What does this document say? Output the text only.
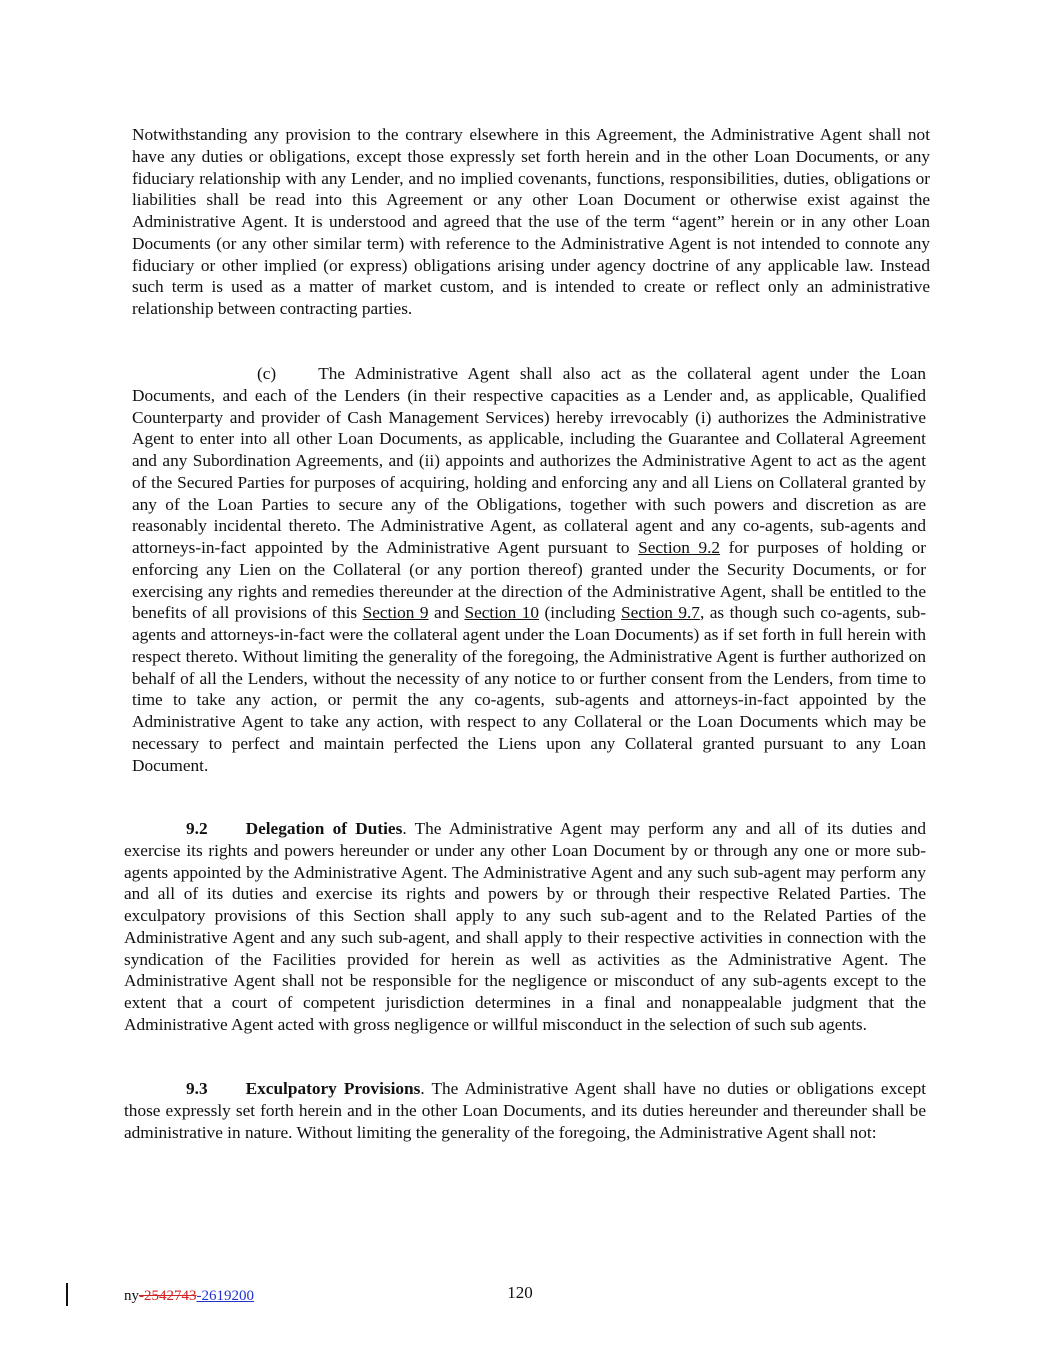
Notwithstanding any provision to the contrary elsewhere in this Agreement, the Administrative Agent shall not have any duties or obligations, except those expressly set forth herein and in the other Loan Documents, or any fiduciary relationship with any Lender, and no implied covenants, functions, responsibilities, duties, obligations or liabilities shall be read into this Agreement or any other Loan Document or otherwise exist against the Administrative Agent. It is understood and agreed that the use of the term “agent” herein or in any other Loan Documents (or any other similar term) with reference to the Administrative Agent is not intended to connote any fiduciary or other implied (or express) obligations arising under agency doctrine of any applicable law. Instead such term is used as a matter of market custom, and is intended to create or reflect only an administrative relationship between contracting parties.

(c) The Administrative Agent shall also act as the collateral agent under the Loan Documents, and each of the Lenders (in their respective capacities as a Lender and, as applicable, Qualified Counterparty and provider of Cash Management Services) hereby irrevocably (i) authorizes the Administrative Agent to enter into all other Loan Documents, as applicable, including the Guarantee and Collateral Agreement and any Subordination Agreements, and (ii) appoints and authorizes the Administrative Agent to act as the agent of the Secured Parties for purposes of acquiring, holding and enforcing any and all Liens on Collateral granted by any of the Loan Parties to secure any of the Obligations, together with such powers and discretion as are reasonably incidental thereto. The Administrative Agent, as collateral agent and any co-agents, sub-agents and attorneys-in-fact appointed by the Administrative Agent pursuant to Section 9.2 for purposes of holding or enforcing any Lien on the Collateral (or any portion thereof) granted under the Security Documents, or for exercising any rights and remedies thereunder at the direction of the Administrative Agent, shall be entitled to the benefits of all provisions of this Section 9 and Section 10 (including Section 9.7, as though such co-agents, sub-agents and attorneys-in-fact were the collateral agent under the Loan Documents) as if set forth in full herein with respect thereto. Without limiting the generality of the foregoing, the Administrative Agent is further authorized on behalf of all the Lenders, without the necessity of any notice to or further consent from the Lenders, from time to time to take any action, or permit the any co-agents, sub-agents and attorneys-in-fact appointed by the Administrative Agent to take any action, with respect to any Collateral or the Loan Documents which may be necessary to perfect and maintain perfected the Liens upon any Collateral granted pursuant to any Loan Document.

9.2 Delegation of Duties. The Administrative Agent may perform any and all of its duties and exercise its rights and powers hereunder or under any other Loan Document by or through any one or more sub-agents appointed by the Administrative Agent. The Administrative Agent and any such sub-agent may perform any and all of its duties and exercise its rights and powers by or through their respective Related Parties. The exculpatory provisions of this Section shall apply to any such sub-agent and to the Related Parties of the Administrative Agent and any such sub-agent, and shall apply to their respective activities in connection with the syndication of the Facilities provided for herein as well as activities as the Administrative Agent. The Administrative Agent shall not be responsible for the negligence or misconduct of any sub-agents except to the extent that a court of competent jurisdiction determines in a final and nonappealable judgment that the Administrative Agent acted with gross negligence or willful misconduct in the selection of such sub agents.

9.3 Exculpatory Provisions. The Administrative Agent shall have no duties or obligations except those expressly set forth herein and in the other Loan Documents, and its duties hereunder and thereunder shall be administrative in nature. Without limiting the generality of the foregoing, the Administrative Agent shall not:

ny-2542743-2619200	120
